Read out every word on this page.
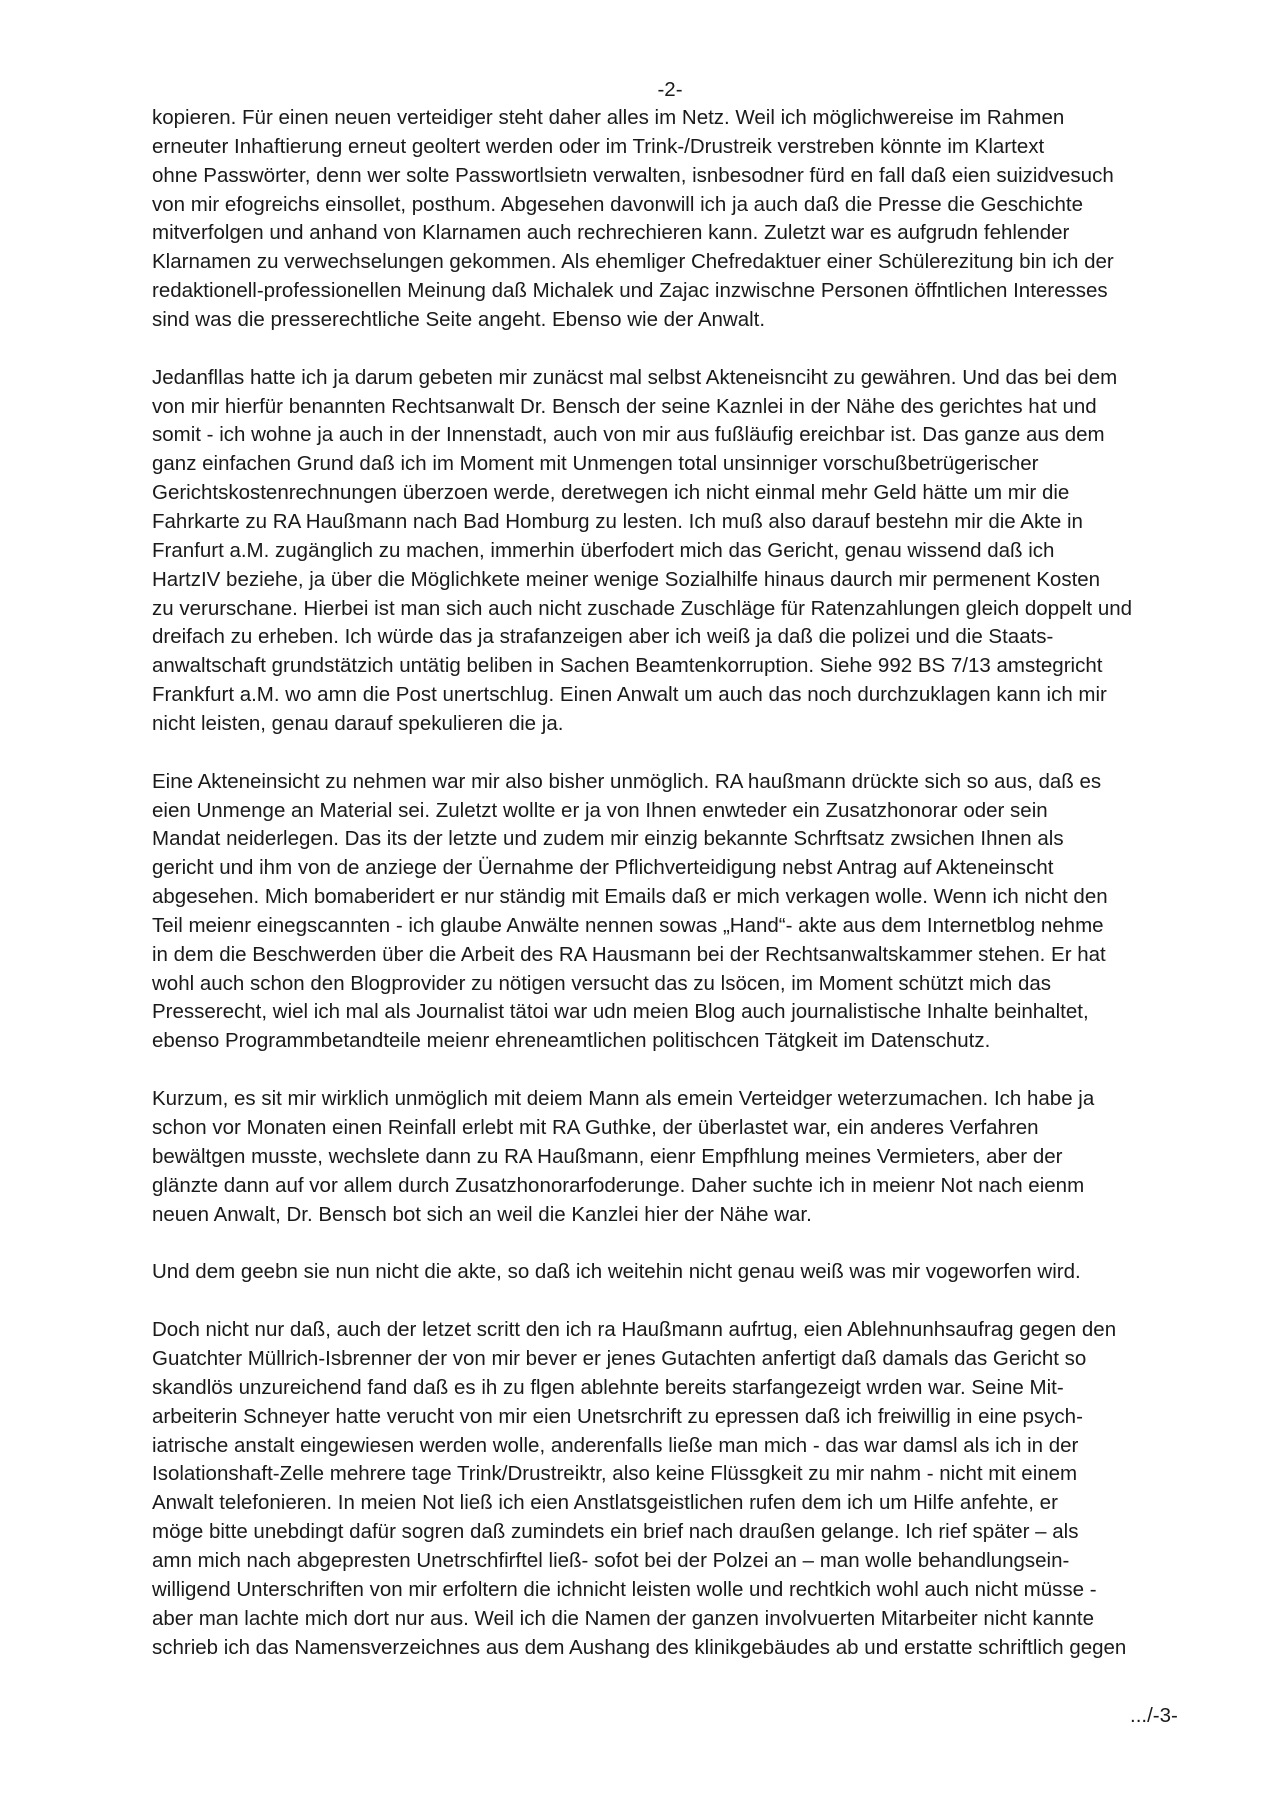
-2-

kopieren. Für einen neuen verteidiger steht daher alles im Netz. Weil ich möglichwereise im Rahmen
erneuter Inhaftierung erneut geoltert werden oder im Trink-/Drustreik verstreben könnte im Klartext
ohne Passwörter, denn wer solte Passwortlsietn verwalten, isnbesodner fürd en fall daß eien suizidvesuch
von mir efogreichs einsollet, posthum. Abgesehen davonwill ich ja auch daß die Presse die Geschichte
mitverfolgen und anhand von Klarnamen auch rechrechieren kann. Zuletzt war es aufgrudn fehlender
Klarnamen zu verwechselungen gekommen. Als ehemliger Chefredaktuer einer Schülerezitung bin ich der
redaktionell-professionellen Meinung daß Michalek und Zajac inzwischne Personen öffntlichen Interesses
sind was die presserechtliche Seite angeht. Ebenso wie der Anwalt.

Jedanfllas hatte ich ja darum gebeten mir zunäcst mal selbst Akteneisnciht zu gewähren. Und das bei dem
von mir hierfür benannten Rechtsanwalt Dr. Bensch der seine Kaznlei in der Nähe des gerichtes hat und
somit - ich wohne ja auch in der Innenstadt, auch von mir aus fußläufig ereichbar ist. Das ganze aus dem
ganz einfachen Grund daß ich im Moment mit Unmengen total unsinniger vorschußbetrügerischer
Gerichtskostenrechnungen überzoen werde, deretwegen ich nicht einmal mehr Geld hätte um mir die
Fahrkarte zu RA Haußmann nach Bad Homburg zu lesten. Ich muß also darauf bestehn mir die Akte in
Franfurt a.M. zugänglich zu machen, immerhin überfodert mich das Gericht, genau wissend daß ich
HartzIV beziehe, ja über die Möglichkete meiner wenige Sozialhilfe hinaus daurch mir permenent Kosten
zu verurschane. Hierbei ist man sich auch nicht zuschade Zuschläge für Ratenzahlungen gleich doppelt und
dreifach zu erheben. Ich würde das ja strafanzeigen aber ich weiß ja daß die polizei und die Staats-
anwaltschaft grundstätzich untätig beliben in Sachen Beamtenkorruption. Siehe 992 BS 7/13 amstegricht
Frankfurt a.M. wo amn die Post unertschlug. Einen Anwalt um auch das noch durchzuklagen kann ich mir
nicht leisten, genau darauf spekulieren die ja.

Eine Akteneinsicht zu nehmen war mir also bisher unmöglich. RA haußmann drückte sich so aus, daß es
eien Unmenge an Material sei. Zuletzt wollte er ja von Ihnen enwteder ein Zusatzhonorar oder sein
Mandat neiderlegen. Das its der letzte und zudem mir einzig bekannte Schrftsatz zwsichen Ihnen als
gericht und ihm von de anziege der Üernahme der Pflichverteidigung nebst Antrag auf Akteneinscht
abgesehen. Mich bomaberidert er nur ständig mit Emails daß er mich verkagen wolle. Wenn ich nicht den
Teil meienr einegscannten - ich glaube Anwälte nennen sowas „Hand“- akte aus dem Internetblog nehme
in dem die Beschwerden über die Arbeit des RA Hausmann bei der Rechtsanwaltskammer stehen. Er hat
wohl auch schon den Blogprovider zu nötigen versucht das zu lsöcen, im Moment schützt mich das
Presserecht, wiel ich mal als Journalist tätoi war udn meien Blog auch journalistische Inhalte beinhaltet,
ebenso Programmbetandteile meienr ehreneamtlichen politischcen Tätgkeit im Datenschutz.

Kurzum, es sit mir wirklich unmöglich mit deiem Mann als emein Verteidger weterzumachen. Ich habe ja
schon vor Monaten einen Reinfall erlebt mit RA Guthke, der überlastet war, ein anderes Verfahren
bewältgen musste, wechslete dann zu RA Haußmann, eienr Empfhlung meines Vermieters, aber der
glänzte dann auf vor allem durch Zusatzhonorarfoderunge. Daher suchte ich in meienr Not nach eienm
neuen Anwalt, Dr. Bensch bot sich an weil die Kanzlei hier der Nähe war.

Und dem geebn sie nun nicht die akte, so daß ich weitehin nicht genau weiß was mir vogeworfen wird.

Doch nicht nur daß, auch der letzet scritt den ich ra Haußmann aufrtug, eien Ablehnunhsaufrag gegen den
Guatchter Müllrich-Isbrenner der von mir bever er jenes Gutachten anfertigt daß damals das Gericht so
skandlös unzureichend fand daß es ih zu flgen ablehnte bereits starfangezeigt wrden war. Seine Mit-
arbeiterin Schneyer hatte verucht von mir eien Unetsrchrift zu epressen daß ich freiwillig in eine psych-
iatrische anstalt eingewiesen werden wolle, anderenfalls ließe man mich - das war damsl als ich in der
Isolationshaft-Zelle mehrere tage Trink/Drustreiktr, also keine Flüssgkeit zu mir nahm - nicht mit einem
Anwalt telefonieren. In meien Not ließ ich eien Anstlatsgeistlichen rufen dem ich um Hilfe anfehte, er
möge bitte unebdingt dafür sogren daß zumindets ein brief nach draußen gelange. Ich rief später – als
amn mich nach abgepresten Unetrschfirftel ließ- sofot bei der Polzei an – man wolle behandlungsein-
willigend Unterschriften von mir erfoltern die ichnicht leisten wolle und rechtkich wohl auch nicht müsse -
aber man lachte mich dort nur aus. Weil ich die Namen der ganzen involvuerten Mitarbeiter nicht kannte
schrieb ich das Namensverzeichnes aus dem Aushang des klinikgebäudes ab und erstatte schriftlich gegen

.../-3-
